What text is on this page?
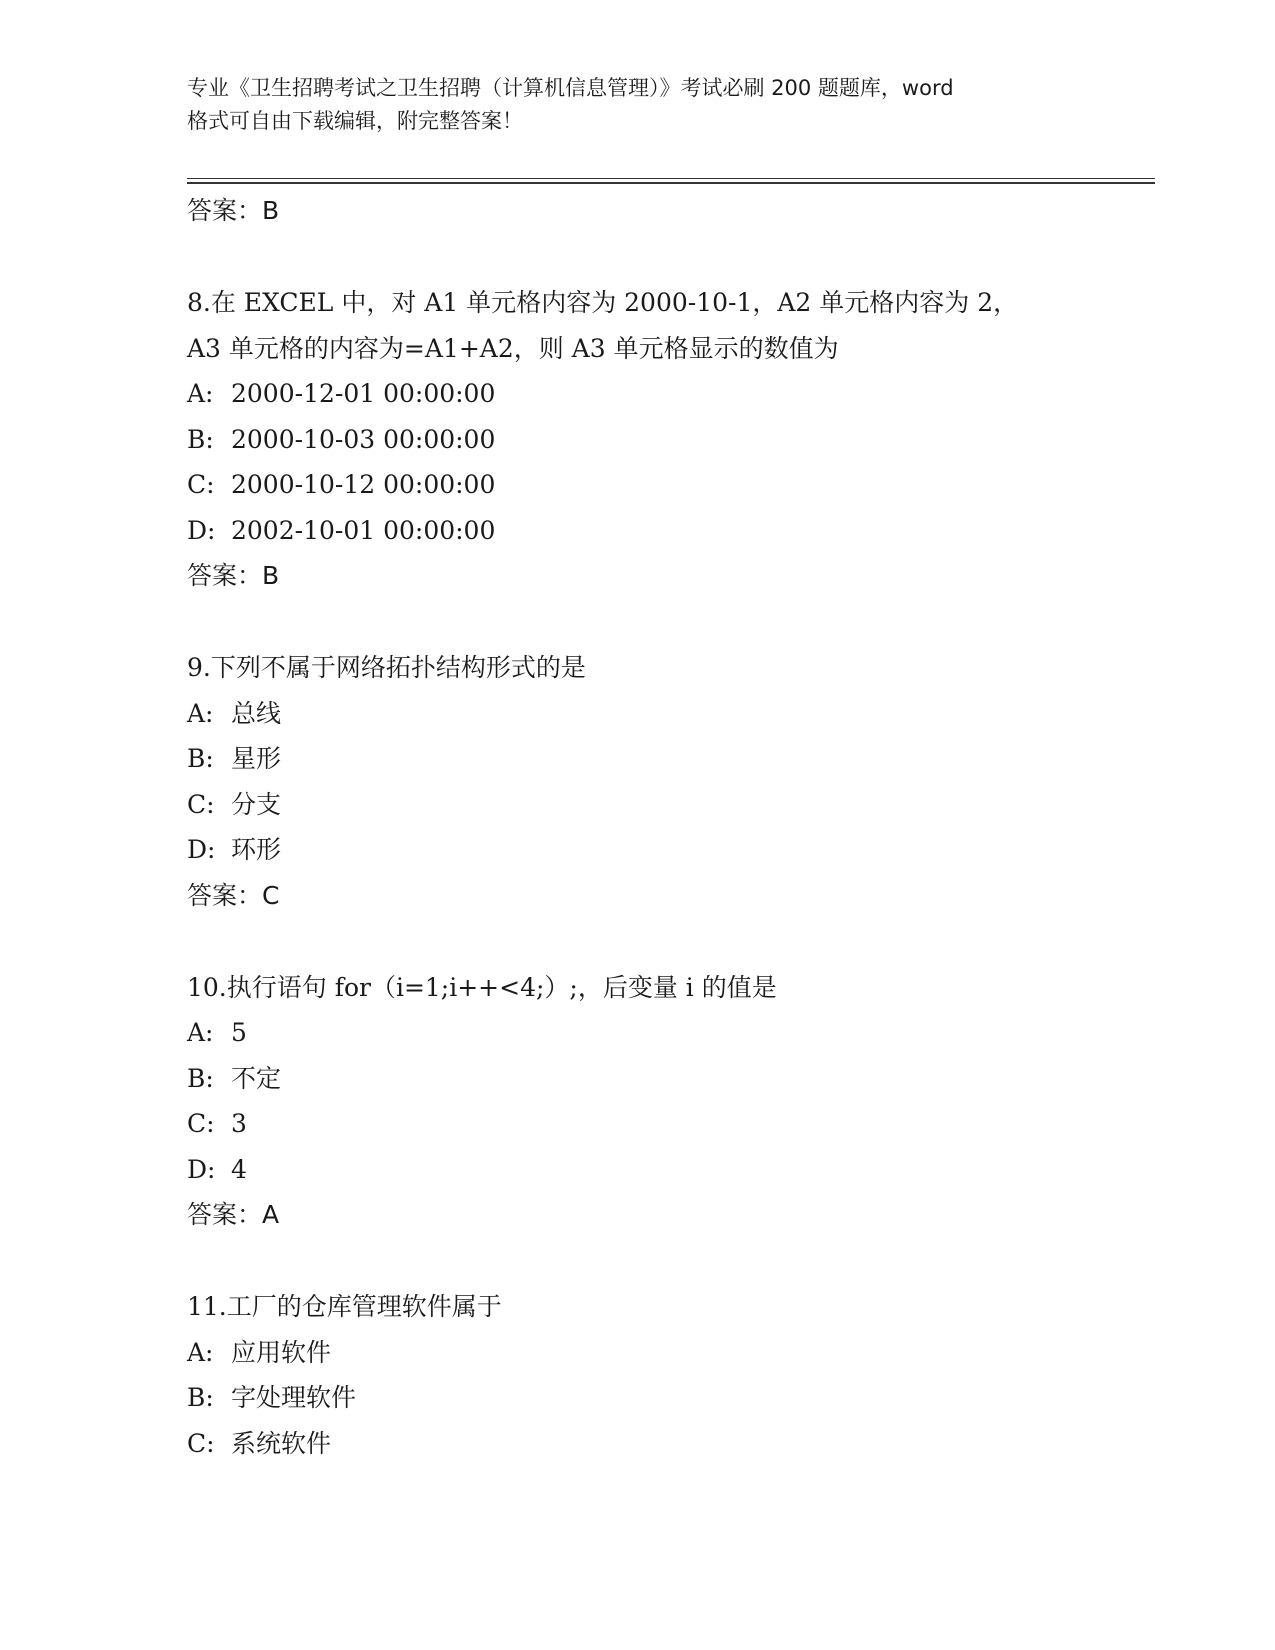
专业《卫生招聘考试之卫生招聘（计算机信息管理）》考试必刷 200 题题库，word
格式可自由下载编辑，附完整答案！
答案：B
8.在 EXCEL 中，对 A1 单元格内容为 2000-10-1，A2 单元格内容为 2，
A3 单元格的内容为=A1+A2，则 A3 单元格显示的数值为
A: 2000-12-01 00:00:00
B: 2000-10-03 00:00:00
C: 2000-10-12 00:00:00
D: 2002-10-01 00:00:00
答案：B
9.下列不属于网络拓扑结构形式的是
A: 总线
B: 星形
C: 分支
D: 环形
答案：C
10.执行语句 for（i=1;i++<4;）;，后变量 i 的值是
A: 5
B: 不定
C: 3
D: 4
答案：A
11.工厂的仓库管理软件属于
A: 应用软件
B: 字处理软件
C: 系统软件
